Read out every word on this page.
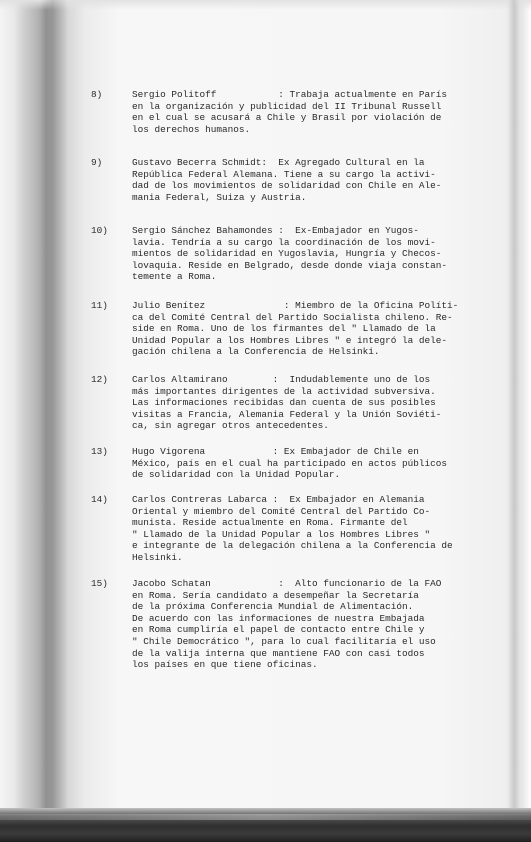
8)	Sergio Politoff           : Trabaja actualmente en París
en la organización y publicidad del II Tribunal Russell
en el cual se acusará a Chile y Brasil por violación de
los derechos humanos.
9)	Gustavo Becerra Schmidt:  Ex Agregado Cultural en la
República Federal Alemana. Tiene a su cargo la activi-
dad de los movimientos de solidaridad con Chile en Ale-
mania Federal, Suiza y Austria.
10)	Sergio Sánchez Bahamondes :  Ex-Embajador en Yugos-
lavia. Tendría a su cargo la coordinación de los movi-
mientos de solidaridad en Yugoslavia, Hungría y Checos-
lovaquia. Reside en Belgrado, desde donde viaja constan-
temente a Roma.
11)	Julio Benítez              : Miembro de la Oficina Políti-
ca del Comité Central del Partido Socialista chileno. Re-
side en Roma. Uno de los firmantes del " Llamado de la
Unidad Popular a los Hombres Libres " e integró la dele-
gación chilena a la Conferencia de Helsinki.
12)	Carlos Altamirano        :  Indudablemente uno de los
más importantes dirigentes de la actividad subversiva.
Las informaciones recibidas dan cuenta de sus posibles
visitas a Francia, Alemania Federal y la Unión Soviéti-
ca, sin agregar otros antecedentes.
13)	Hugo Vigorena            : Ex Embajador de Chile en
México, país en el cual ha participado en actos públicos
de solidaridad con la Unidad Popular.
14)	Carlos Contreras Labarca :  Ex Embajador en Alemania
Oriental y miembro del Comité Central del Partido Co-
munista. Reside actualmente en Roma. Firmante del
" Llamado de la Unidad Popular a los Hombres Libres "
e integrante de la delegación chilena a la Conferencia de
Helsinki.
15)	Jacobo Schatan            :  Alto funcionario de la FAO
en Roma. Sería candidato a desempeñar la Secretaría
de la próxima Conferencia Mundial de Alimentación.
De acuerdo con las informaciones de nuestra Embajada
en Roma cumpliría el papel de contacto entre Chile y
" Chile Democrático ", para lo cual facilitaría el uso
de la valija interna que mantiene FAO con casi todos
los países en que tiene oficinas.
